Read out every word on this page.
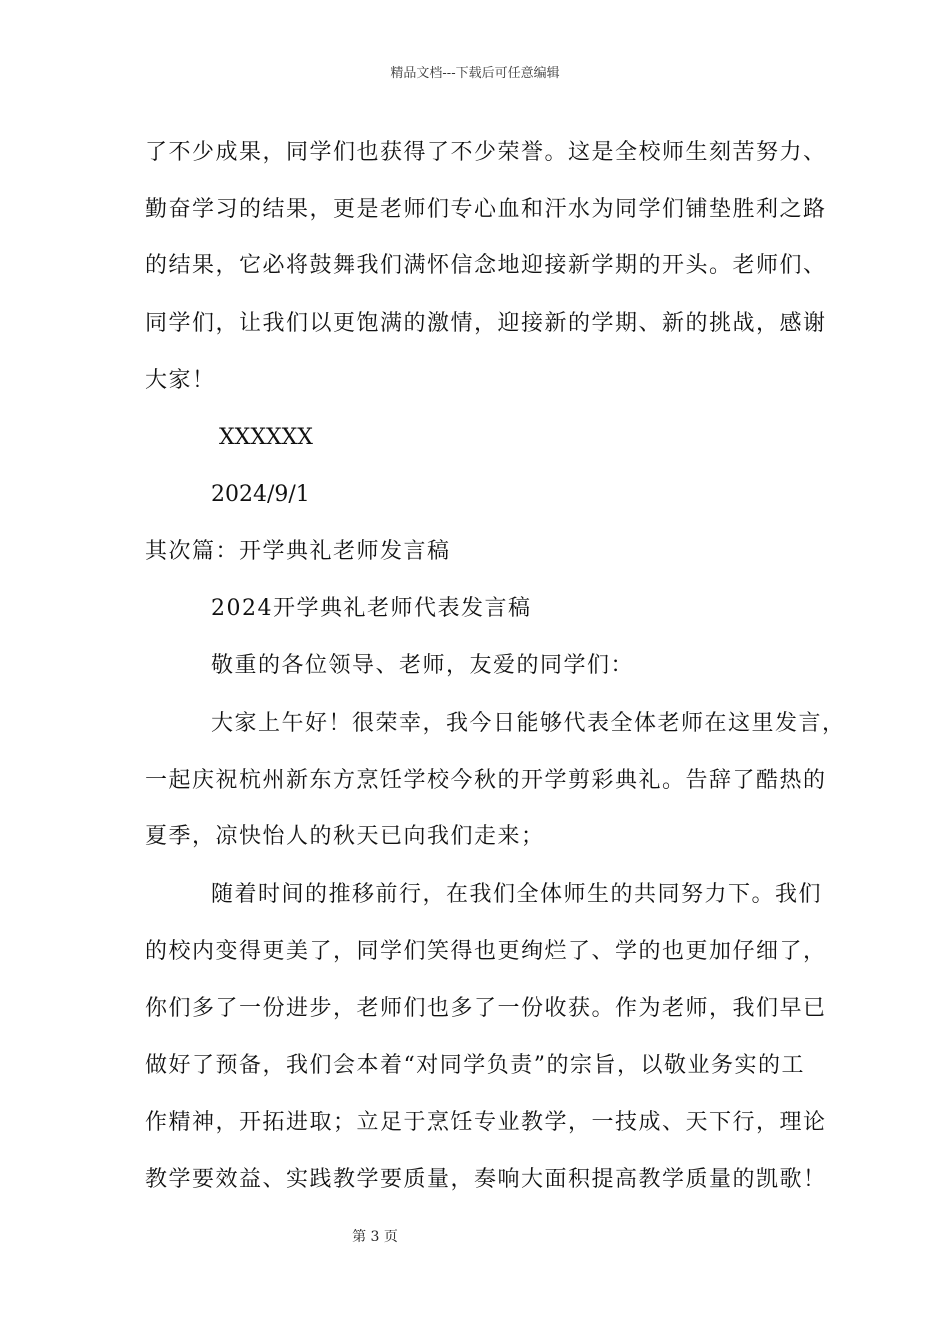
精品文档---下载后可任意编辑
了不少成果，同学们也获得了不少荣誉。这是全校师生刻苦努力、
勤奋学习的结果，更是老师们专心血和汗水为同学们铺垫胜利之路
的结果，它必将鼓舞我们满怀信念地迎接新学期的开头。老师们、
同学们，让我们以更饱满的激情，迎接新的学期、新的挑战，感谢
大家！
XXXXXX
2024/9/1
其次篇：开学典礼老师发言稿
2024开学典礼老师代表发言稿
敬重的各位领导、老师，友爱的同学们：
大家上午好！很荣幸，我今日能够代表全体老师在这里发言，
一起庆祝杭州新东方烹饪学校今秋的开学剪彩典礼。告辞了酷热的
夏季，凉快怡人的秋天已向我们走来；
随着时间的推移前行，在我们全体师生的共同努力下。我们
的校内变得更美了，同学们笑得也更绚烂了、学的也更加仔细了，
你们多了一份进步，老师们也多了一份收获。作为老师，我们早已
做好了预备，我们会本着“对同学负责”的宗旨，以敬业务实的工
作精神，开拓进取；立足于烹饪专业教学，一技成、天下行，理论
教学要效益、实践教学要质量，奏响大面积提高教学质量的凯歌！
第 3 页
